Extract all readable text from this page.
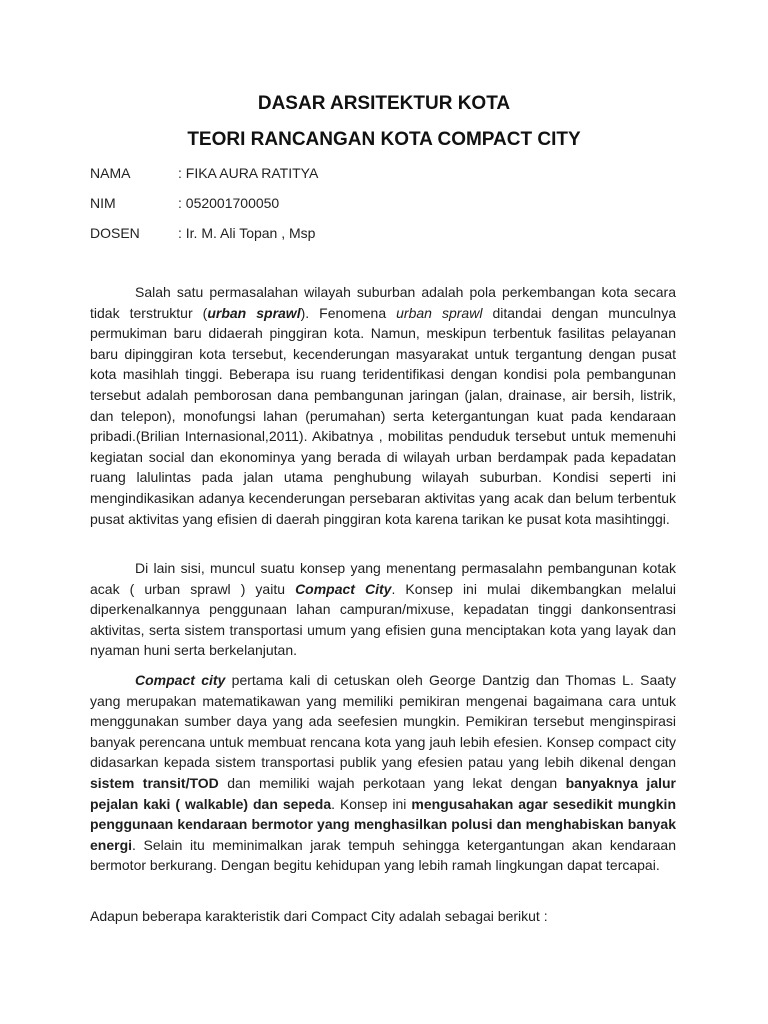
DASAR ARSITEKTUR KOTA
TEORI RANCANGAN KOTA COMPACT CITY
NAMA	: FIKA AURA RATITYA
NIM	: 052001700050
DOSEN	: Ir. M. Ali Topan , Msp

Salah satu permasalahan wilayah suburban adalah pola perkembangan kota secara tidak terstruktur (urban sprawl). Fenomena urban sprawl ditandai dengan munculnya permukiman baru didaerah pinggiran kota. Namun, meskipun terbentuk fasilitas pelayanan baru dipinggiran kota tersebut, kecenderungan masyarakat untuk tergantung dengan pusat kota masihlah tinggi. Beberapa isu ruang teridentifikasi dengan kondisi pola pembangunan tersebut adalah pemborosan dana pembangunan jaringan (jalan, drainase, air bersih, listrik, dan telepon), monofungsi lahan (perumahan) serta ketergantungan kuat pada kendaraan pribadi.(Brilian Internasional,2011). Akibatnya , mobilitas penduduk tersebut untuk memenuhi kegiatan social dan ekonominya yang berada di wilayah urban berdampak pada kepadatan ruang lalulintas pada jalan utama penghubung wilayah suburban. Kondisi seperti ini mengindikasikan adanya kecenderungan persebaran aktivitas yang acak dan belum terbentuk pusat aktivitas yang efisien di daerah pinggiran kota karena tarikan ke pusat kota masihtinggi.

Di lain sisi, muncul suatu konsep yang menentang permasalahn pembangunan kotak acak ( urban sprawl ) yaitu Compact City. Konsep ini mulai dikembangkan melalui diperkenalkannya penggunaan lahan campuran/mixuse, kepadatan tinggi dankonsentrasi aktivitas, serta sistem transportasi umum yang efisien guna menciptakan kota yang layak dan nyaman huni serta berkelanjutan.

Compact city pertama kali di cetuskan oleh George Dantzig dan Thomas L. Saaty yang merupakan matematikawan yang memiliki pemikiran mengenai bagaimana cara untuk menggunakan sumber daya yang ada seefesien mungkin. Pemikiran tersebut menginspirasi banyak perencana untuk membuat rencana kota yang jauh lebih efesien. Konsep compact city didasarkan kepada sistem transportasi publik yang efesien patau yang lebih dikenal dengan sistem transit/TOD dan memiliki wajah perkotaan yang lekat dengan banyaknya jalur pejalan kaki ( walkable) dan sepeda. Konsep ini mengusahakan agar sesedikit mungkin penggunaan kendaraan bermotor yang menghasilkan polusi dan menghabiskan banyak energi. Selain itu meminimalkan jarak tempuh sehingga ketergantungan akan kendaraan bermotor berkurang. Dengan begitu kehidupan yang lebih ramah lingkungan dapat tercapai.

Adapun beberapa karakteristik dari Compact City adalah sebagai berikut :
